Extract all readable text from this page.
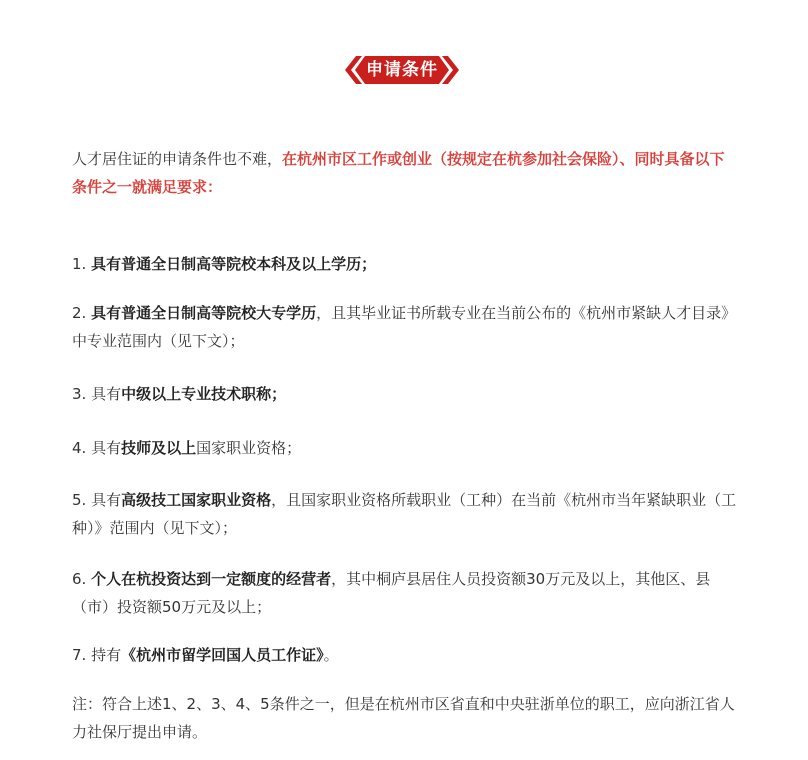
申请条件

人才居住证的申请条件也不难，在杭州市区工作或创业（按规定在杭参加社会保险）、同时具备以下条件之一就满足要求：

1. 具有普通全日制高等院校本科及以上学历；

2. 具有普通全日制高等院校大专学历，且其毕业证书所载专业在当前公布的《杭州市紧缺人才目录》中专业范围内（见下文）；

3. 具有中级以上专业技术职称；

4. 具有技师及以上国家职业资格；

5. 具有高级技工国家职业资格，且国家职业资格所载职业（工种）在当前《杭州市当年紧缺职业（工种）》范围内（见下文）；

6. 个人在杭投资达到一定额度的经营者，其中桐庐县居住人员投资额30万元及以上，其他区、县（市）投资额50万元及以上；

7. 持有《杭州市留学回国人员工作证》。

注：符合上述1、2、3、4、5条件之一，但是在杭州市区省直和中央驻浙单位的职工，应向浙江省人力社保厅提出申请。
